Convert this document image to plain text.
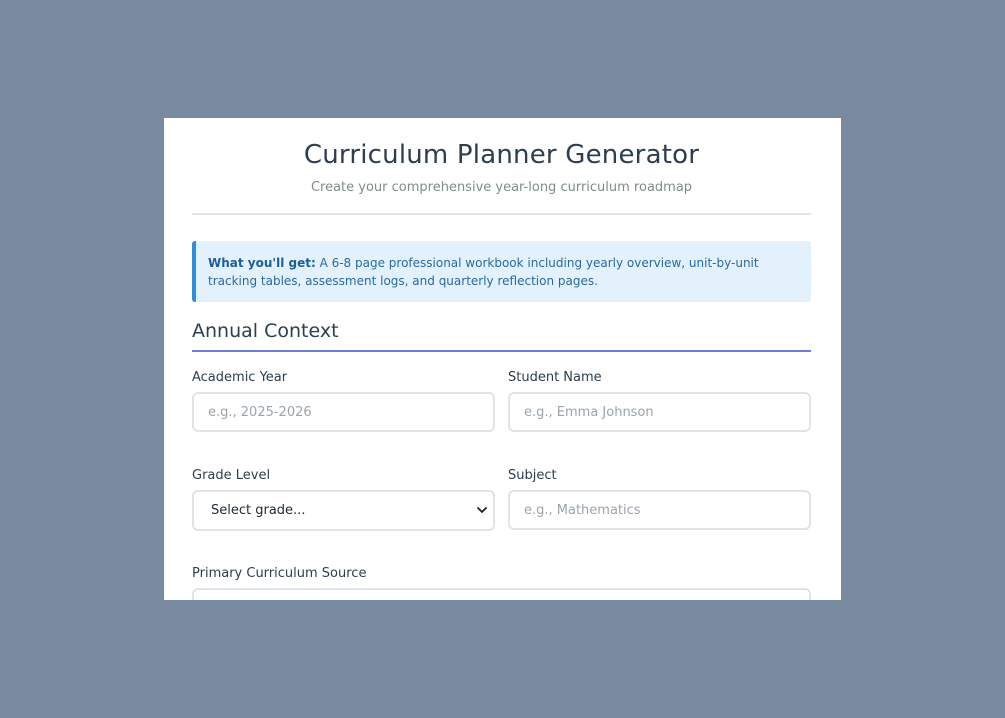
Curriculum Planner Generator
Create your comprehensive year-long curriculum roadmap
What you'll get: A 6-8 page professional workbook including yearly overview, unit-by-unit tracking tables, assessment logs, and quarterly reflection pages.
Annual Context
Academic Year
e.g., 2025-2026	Student Name
e.g., Emma Johnson
Grade Level
Select grade...
Subject
e.g., Mathematics
Primary Curriculum Source
